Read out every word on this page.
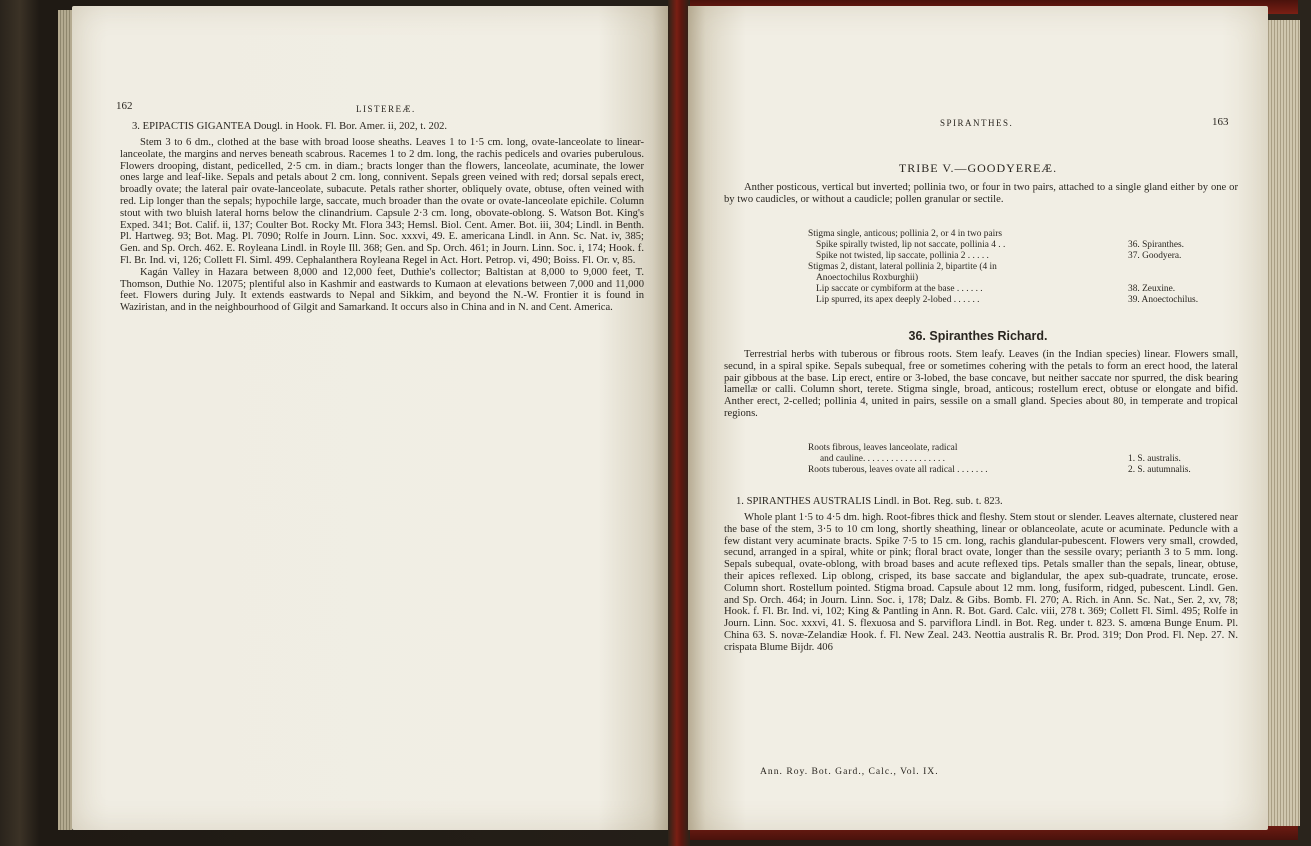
162	LISTEREÆ.
3. EPIPACTIS GIGANTEA Dougl. in Hook. Fl. Bor. Amer. ii, 202, t. 202.

Stem 3 to 6 dm., clothed at the base with broad loose sheaths. Leaves 1 to 1·5 cm. long, ovate-lanceolate to linear-lanceolate, the margins and nerves beneath scabrous. Racemes 1 to 2 dm. long, the rachis pedicels and ovaries puberulous. Flowers drooping, distant, pedicelled, 2·5 cm. in diam.; bracts longer than the flowers, lanceolate, acuminate, the lower ones large and leaf-like. Sepals and petals about 2 cm. long, connivent. Sepals green veined with red; dorsal sepals erect, broadly ovate; the lateral pair ovate-lanceolate, subacute. Petals rather shorter, obliquely ovate, obtuse, often veined with red. Lip longer than the sepals; hypochile large, saccate, much broader than the ovate or ovate-lanceolate epichile. Column stout with two bluish lateral horns below the clinandrium. Capsule 2·3 cm. long, obovate-oblong. S. Watson Bot. King's Exped. 341; Bot. Calif. ii, 137; Coulter Bot. Rocky Mt. Flora 343; Hemsl. Biol. Cent. Amer. Bot. iii, 304; Lindl. in Benth. Pl. Hartweg. 93; Bot. Mag. Pl. 7090; Rolfe in Journ. Linn. Soc. xxxvi, 49. E. americana Lindl. in Ann. Sc. Nat. iv, 385; Gen. and Sp. Orch. 462. E. Royleana Lindl. in Royle Ill. 368; Gen. and Sp. Orch. 461; in Journ. Linn. Soc. i, 174; Hook. f. Fl. Br. Ind. vi, 126; Collett Fl. Siml. 499. Cephalanthera Royleana Regel in Act. Hort. Petrop. vi, 490; Boiss. Fl. Or. v, 85.

Kagán Valley in Hazara between 8,000 and 12,000 feet, Duthie's collector; Baltistan at 8,000 to 9,000 feet, T. Thomson, Duthie No. 12075; plentiful also in Kashmir and eastwards to Kumaon at elevations between 7,000 and 11,000 feet. Flowers during July. It extends eastwards to Nepal and Sikkim, and beyond the N.-W. Frontier it is found in Waziristan, and in the neighbourhood of Gilgit and Samarkand. It occurs also in China and in N. and Cent. America.

SPIRANTHES.	163
TRIBE V.—GOODYEREÆ.

Anther posticous, vertical but inverted; pollinia two, or four in two pairs, attached to a single gland either by one or by two caudicles, or without a caudicle; pollen granular or sectile.

Stigma single, anticous; pollinia 2, or 4 in two pairs
Spike spirally twisted, lip not saccate, pollinia 4 . .	36. Spiranthes.
Spike not twisted, lip saccate, pollinia 2 . . . . .	37. Goodyera.
Stigmas 2, distant, lateral pollinia 2, bipartite (4 in
Anoectochilus Roxburghii)
Lip saccate or cymbiform at the base . . . . . .	38. Zeuxine.
Lip spurred, its apex deeply 2-lobed . . . . . .	39. Anoectochilus.
36. Spiranthes Richard.

Terrestrial herbs with tuberous or fibrous roots. Stem leafy. Leaves (in the Indian species) linear. Flowers small, secund, in a spiral spike. Sepals subequal, free or sometimes cohering with the petals to form an erect hood, the lateral pair gibbous at the base. Lip erect, entire or 3-lobed, the base concave, but neither saccate nor spurred, the disk bearing lamellæ or calli. Column short, terete. Stigma single, broad, anticous; rostellum erect, obtuse or elongate and bifid. Anther erect, 2-celled; pollinia 4, united in pairs, sessile on a small gland. Species about 80, in temperate and tropical regions.

Roots fibrous, leaves lanceolate, radical
and cauline. . . . . . . . . . . . . . . . . .	1. S. australis.
Roots tuberous, leaves ovate all radical . . . . . . .	2. S. autumnalis.
1. SPIRANTHES AUSTRALIS Lindl. in Bot. Reg. sub. t. 823.

Whole plant 1·5 to 4·5 dm. high. Root-fibres thick and fleshy. Stem stout or slender. Leaves alternate, clustered near the base of the stem, 3·5 to 10 cm long, shortly sheathing, linear or oblanceolate, acute or acuminate. Peduncle with a few distant very acuminate bracts. Spike 7·5 to 15 cm. long, rachis glandular-pubescent. Flowers very small, crowded, secund, arranged in a spiral, white or pink; floral bract ovate, longer than the sessile ovary; perianth 3 to 5 mm. long. Sepals subequal, ovate-oblong, with broad bases and acute reflexed tips. Petals smaller than the sepals, linear, obtuse, their apices reflexed. Lip oblong, crisped, its base saccate and biglandular, the apex sub-quadrate, truncate, erose. Column short. Rostellum pointed. Stigma broad. Capsule about 12 mm. long, fusiform, ridged, pubescent. Lindl. Gen. and Sp. Orch. 464; in Journ. Linn. Soc. i, 178; Dalz. & Gibs. Bomb. Fl. 270; A. Rich. in Ann. Sc. Nat., Ser. 2, xv, 78; Hook. f. Fl. Br. Ind. vi, 102; King & Pantling in Ann. R. Bot. Gard. Calc. viii, 278 t. 369; Collett Fl. Siml. 495; Rolfe in Journ. Linn. Soc. xxxvi, 41. S. flexuosa and S. parviflora Lindl. in Bot. Reg. under t. 823. S. amœna Bunge Enum. Pl. China 63. S. novæ-Zelandiæ Hook. f. Fl. New Zeal. 243. Neottia australis R. Br. Prod. 319; Don Prod. Fl. Nep. 27. N. crispata Blume Bijdr. 406

Ann. Roy. Bot. Gard., Calc., Vol. IX.
